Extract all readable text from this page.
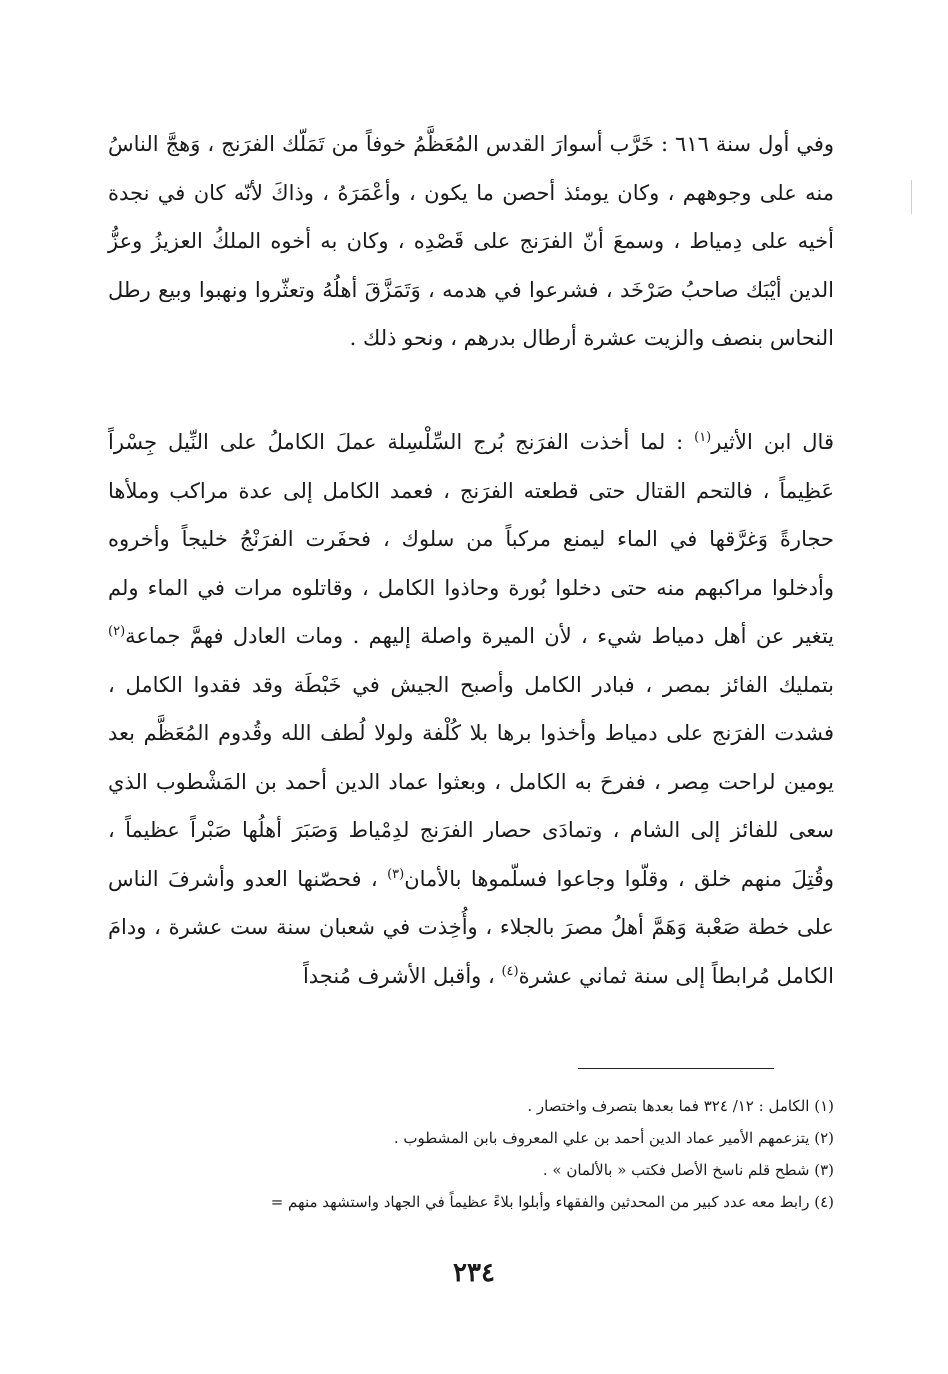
وفي أول سنة ٦١٦ : خَرَّب أسوارَ القدس المُعَظَّمُ خوفاً من تَمَلّك الفرَنج ، وَهجَّ الناسُ منه على وجوههم ، وكان يومئذ أحصن ما يكون ، وأعْمَرَهُ ، وذاكَ لأنّه كان في نجدة أخيه على دِمياط ، وسمعَ أنّ الفرَنج على قَصْدِه ، وكان به أخوه الملكُ العزيزُ وعزُّ الدين أيْبَك صاحبُ صَرْخَد ، فشرعوا في هدمه ، وَتَمَزَّقَ أهلُهُ وتعثّروا ونهبوا وبيع رطل النحاس بنصف والزيت عشرة أرطال بدرهم ، ونحو ذلك .

قال ابن الأثير$^{(١)}$ : لما أخذت الفرَنج بُرج السِّلْسِلة عملَ الكاملُ على النِّيل جِسْراً عَظِيماً ، فالتحم القتال حتى قطعته الفرَنج ، فعمد الكامل إلى عدة مراكب وملأها حجارةً وَغرَّقها في الماء ليمنع مركباً من سلوك ، فحفَرت الفرَنْجُ خليجاً وأخروه وأدخلوا مراكبهم منه حتى دخلوا بُورة وحاذوا الكامل ، وقاتلوه مرات في الماء ولم يتغير عن أهل دمياط شيء ، لأن الميرة واصلة إليهم . ومات العادل فهمَّ جماعة$^{(٢)}$ بتمليك الفائز بمصر ، فبادر الكامل وأصبح الجيش في خَبْطَة وقد فقدوا الكامل ، فشدت الفرَنج على دمياط وأخذوا برها بلا كُلْفة ولولا لُطف الله وقُدوم المُعَظَّم بعد يومين لراحت مِصر ، ففرحَ به الكامل ، وبعثوا عماد الدين أحمد بن المَشْطوب الذي سعى للفائز إلى الشام ، وتمادَى حصار الفرَنج لدِمْياط وَصَبَرَ أهلُها صَبْراً عظيماً ، وقُتِلَ منهم خلق ، وقلّوا وجاعوا فسلّموها بالأمان$^{(٣)}$ ، فحصّنها العدو وأشرفَ الناس على خطة صَعْبة وَهَمَّ أهلُ مصرَ بالجلاء ، وأُخِذت في شعبان سنة ست عشرة ، ودامَ الكامل مُرابطاً إلى سنة ثماني عشرة$^{(٤)}$ ، وأقبل الأشرف مُنجداً

(١) الكامل : ١٢/ ٣٢٤ فما بعدها بتصرف واختصار .
(٢) يتزعمهم الأمير عماد الدين أحمد بن علي المعروف بابن المشطوب .
(٣) شطح قلم ناسخ الأصل فكتب « بالألمان » .
(٤) رابط معه عدد كبير من المحدثين والفقهاء وأبلوا بلاءً عظيماً في الجهاد واستشهد منهم =
٢٣٤
